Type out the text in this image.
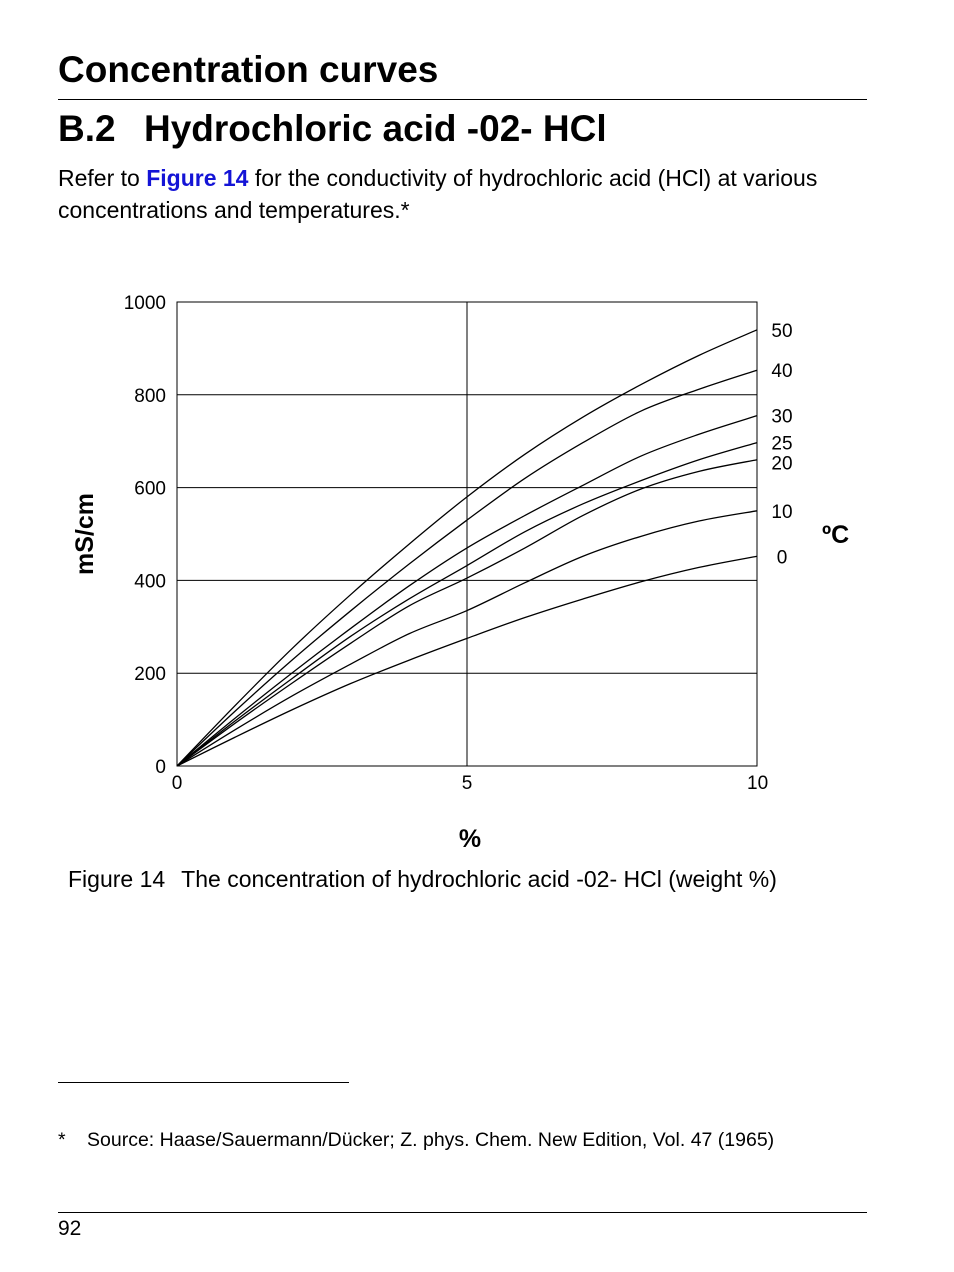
Concentration curves
B.2 Hydrochloric acid -02- HCl

Refer to Figure 14 for the conductivity of hydrochloric acid (HCl) at various concentrations and temperatures.*

0
200
400
600
800
1000
0	5	10
%
mS/cm	ºC
50
40
30
25
20
10
0

Figure 14 The concentration of hydrochloric acid -02- HCl (weight %)

* Source: Haase/Sauermann/Dücker; Z. phys. Chem. New Edition, Vol. 47 (1965)
92
